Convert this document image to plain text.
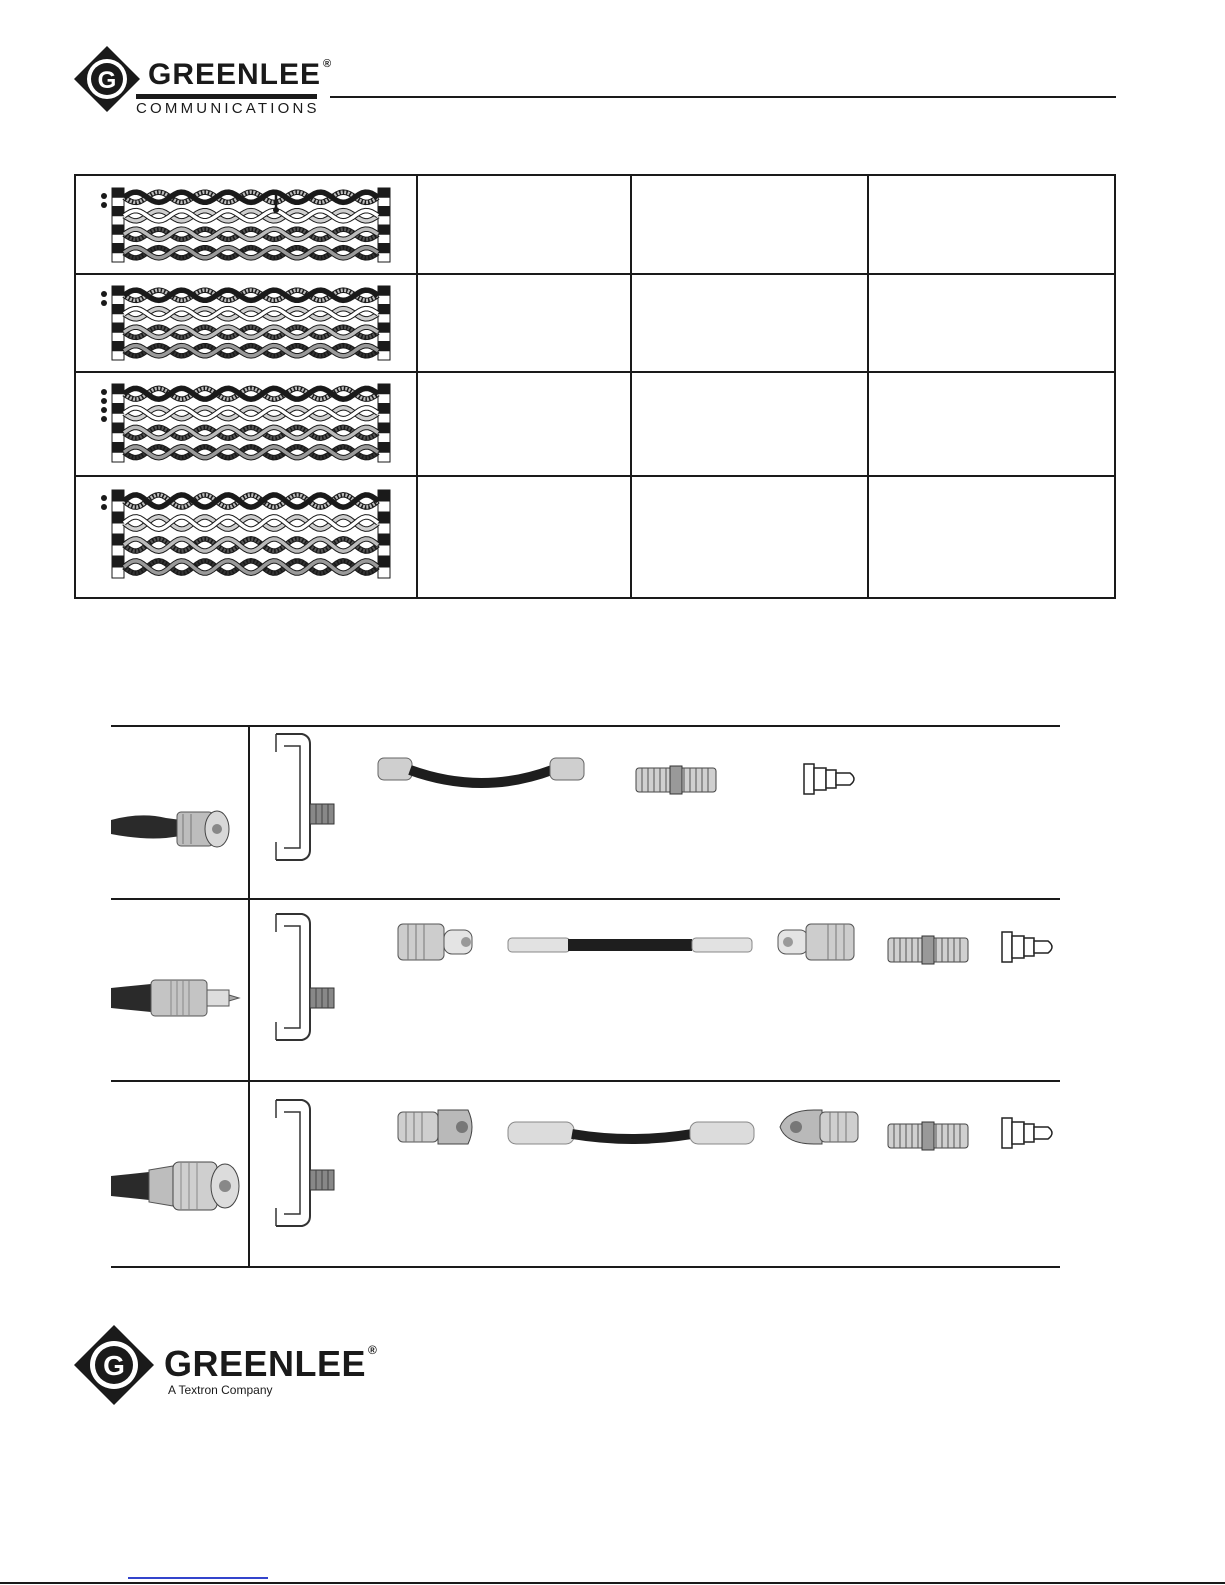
G GREENLEE ®
COMMUNICATIONS
G GREENLEE ®
A Textron Company
